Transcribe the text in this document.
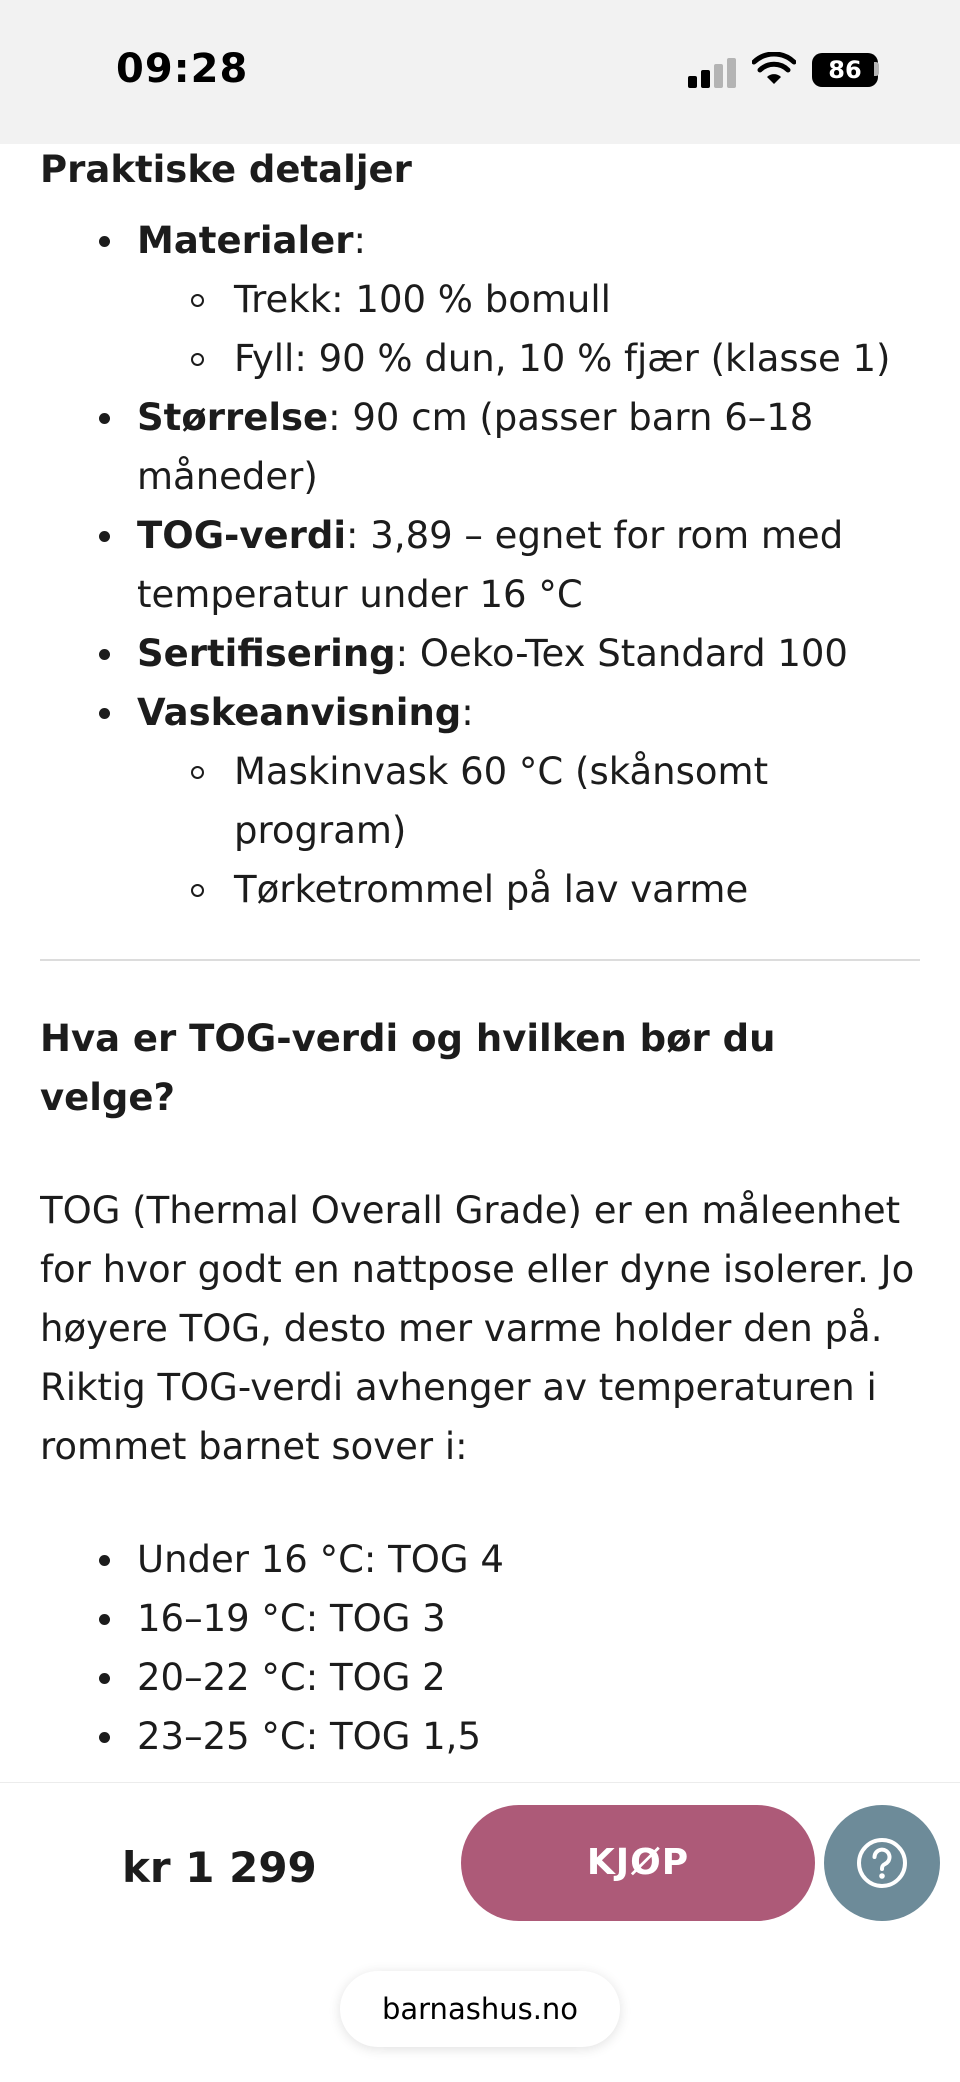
09:28	86

Praktiske detaljer

Materialer:
Trekk: 100 % bomull
Fyll: 90 % dun, 10 % fjær (klasse 1)
Størrelse: 90 cm (passer barn 6–18 måneder)
TOG-verdi: 3,89 – egnet for rom med temperatur under 16 °C
Sertifisering: Oeko-Tex Standard 100
Vaskeanvisning:
Maskinvask 60 °C (skånsomt program)
Tørketrommel på lav varme

Hva er TOG-verdi og hvilken bør du velge?

TOG (Thermal Overall Grade) er en måleenhet for hvor godt en nattpose eller dyne isolerer. Jo høyere TOG, desto mer varme holder den på. Riktig TOG-verdi avhenger av temperaturen i rommet barnet sover i:

Under 16 °C: TOG 4
16–19 °C: TOG 3
20–22 °C: TOG 2
23–25 °C: TOG 1,5
kr 1 299	KJØP
barnashus.no
